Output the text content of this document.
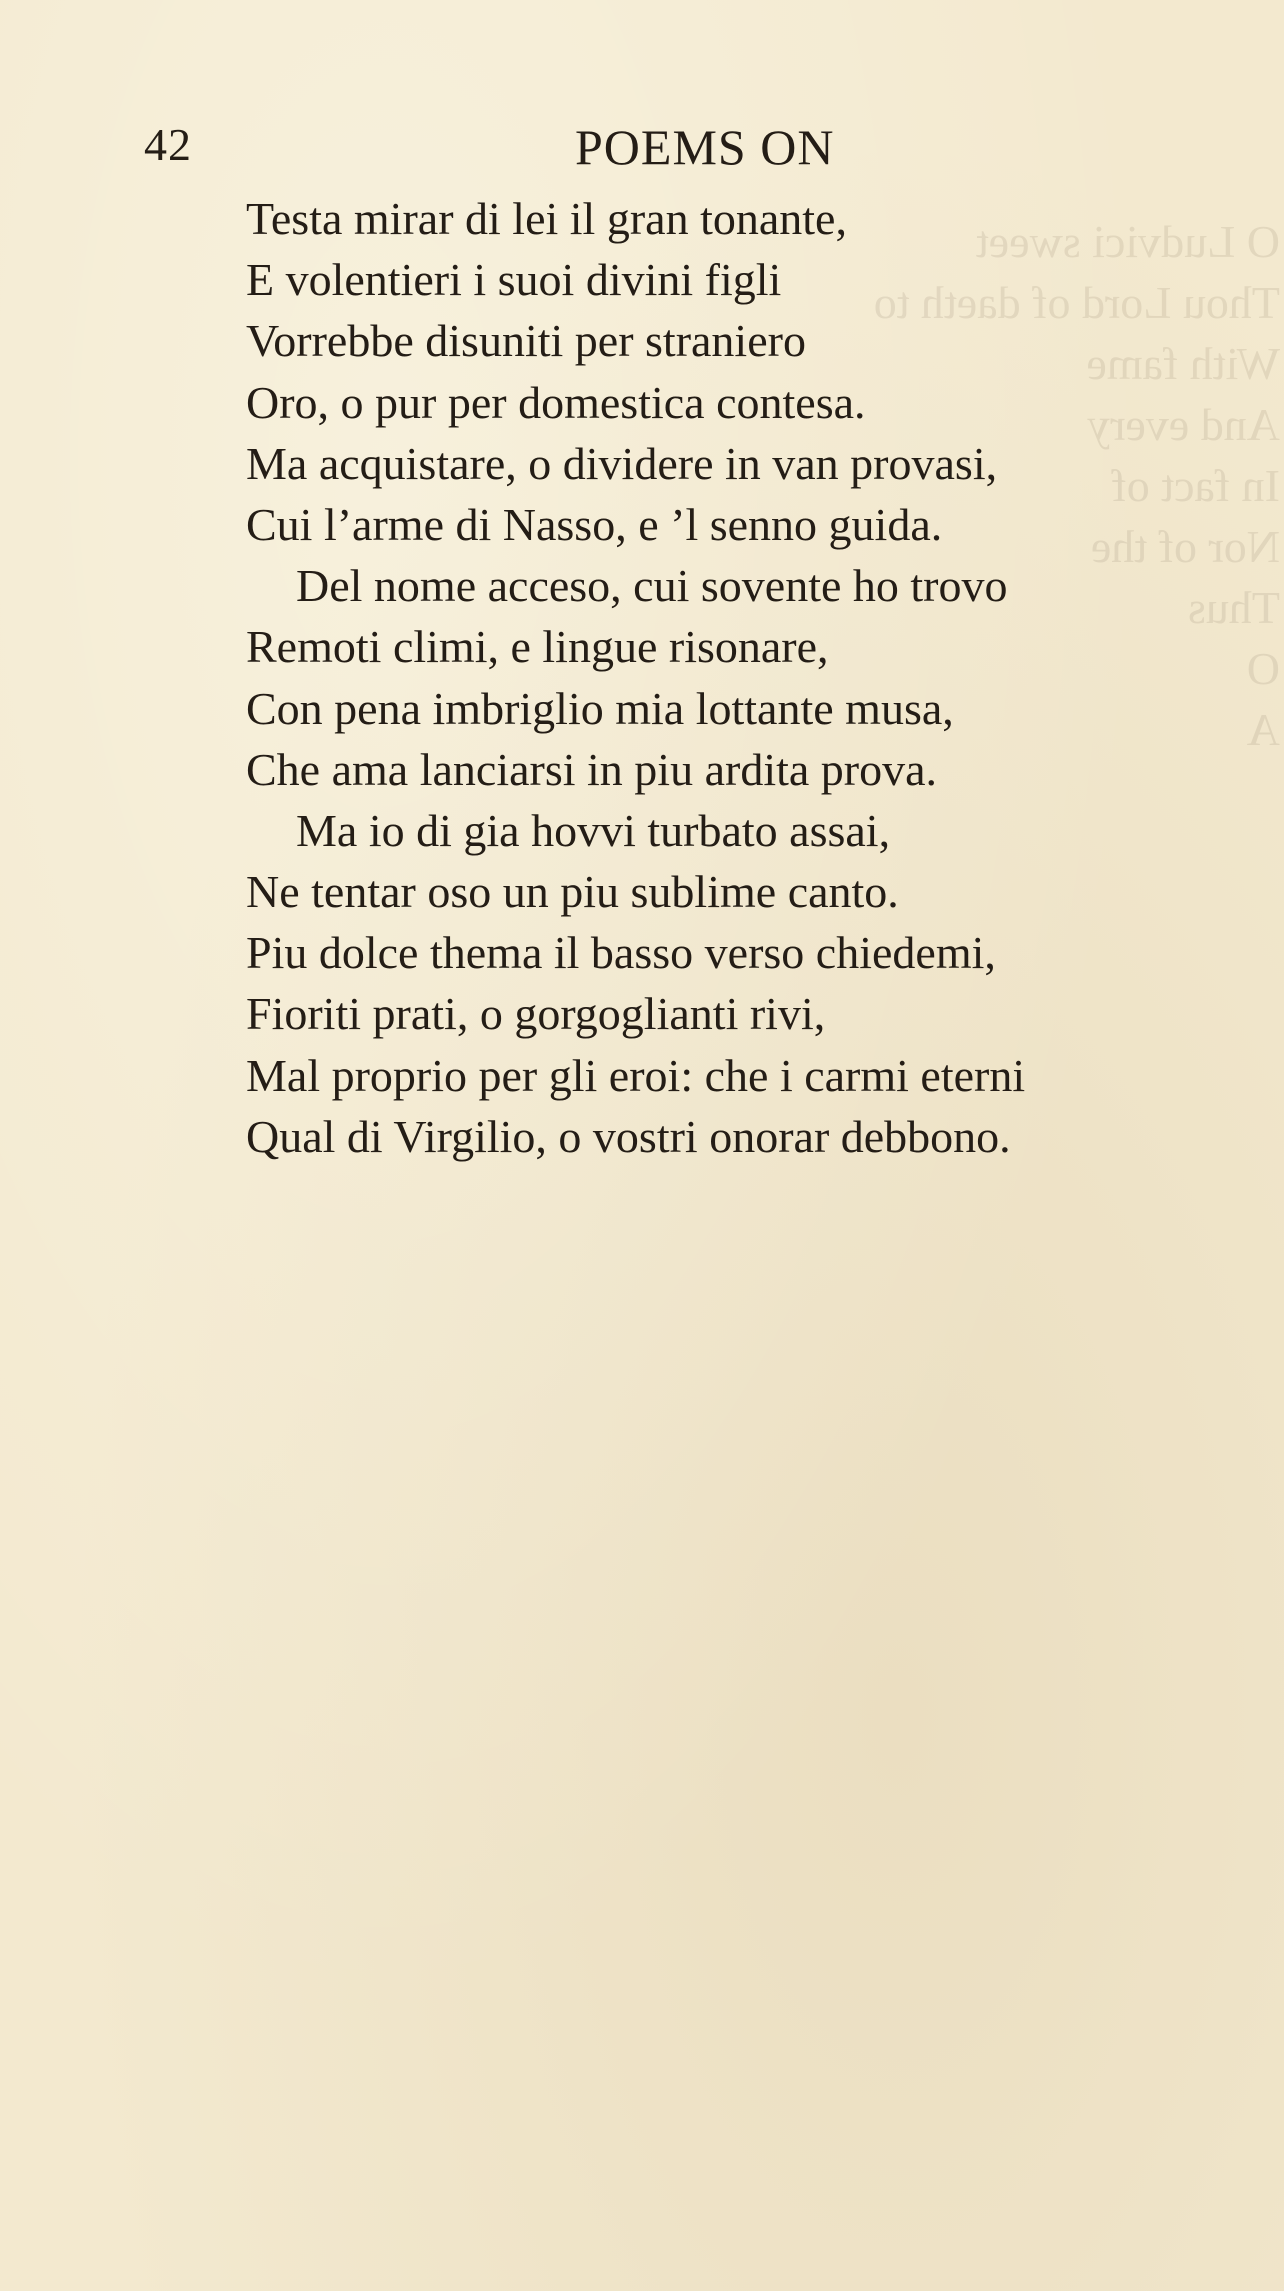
O Ludvici sweet
Thou Lord of daeth to
With fame
And every
In fact of
Nor of the
Thus
O
A

42	POEMS ON
Testa mirar di lei il gran tonante,
E volentieri i suoi divini figli
Vorrebbe disuniti per straniero
Oro, o pur per domestica contesa.
Ma acquistare, o dividere in van provasi,
Cui l’arme di Nasso, e ’l senno guida.
Del nome acceso, cui sovente ho trovo
Remoti climi, e lingue risonare,
Con pena imbriglio mia lottante musa,
Che ama lanciarsi in piu ardita prova.
Ma io di gia hovvi turbato assai,
Ne tentar oso un piu sublime canto.
Piu dolce thema il basso verso chiedemi,
Fioriti prati, o gorgoglianti rivi,
Mal proprio per gli eroi: che i carmi eterni
Qual di Virgilio, o vostri onorar debbono.
